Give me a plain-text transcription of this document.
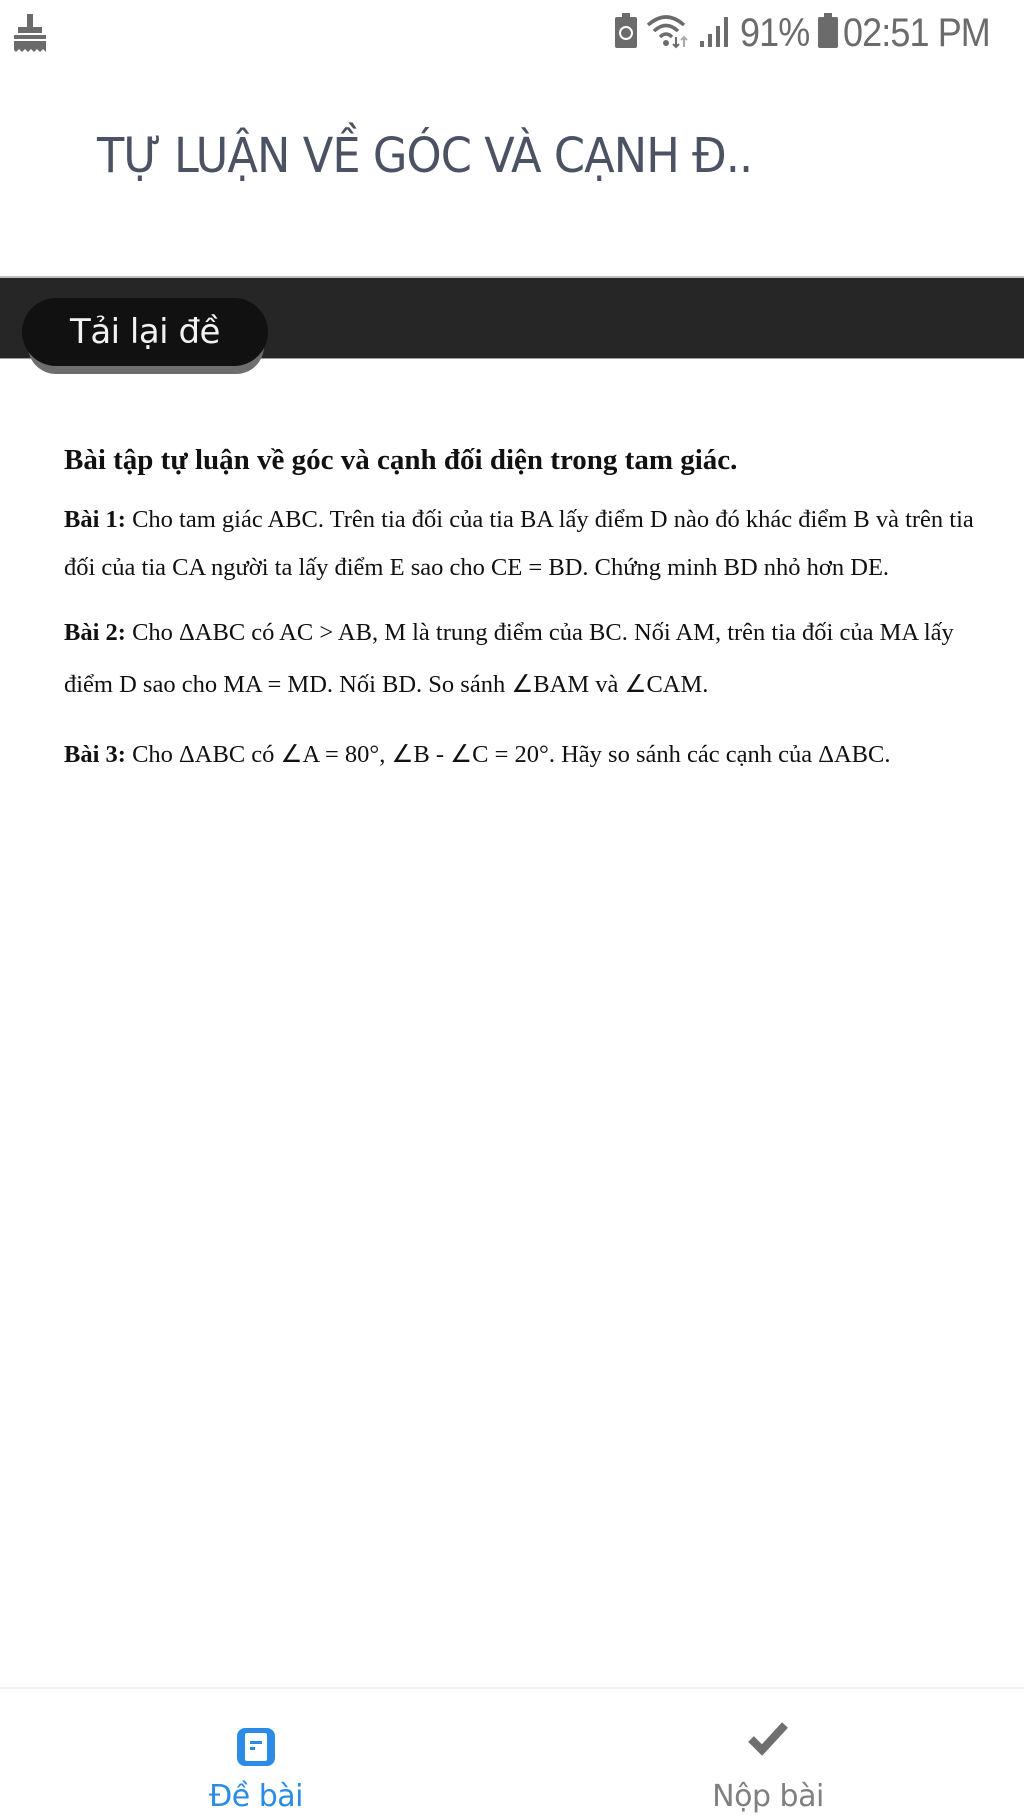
91% 02:51 PM
TỰ LUẬN VỀ GÓC VÀ CẠNH Đ..
Tải lại đề
Bài tập tự luận về góc và cạnh đối diện trong tam giác.
Bài 1: Cho tam giác ABC. Trên tia đối của tia BA lấy điểm D nào đó khác điểm B và trên tia đối của tia CA người ta lấy điểm E sao cho CE = BD. Chứng minh BD nhỏ hơn DE.
Bài 2: Cho ΔABC có AC > AB, M là trung điểm của BC. Nối AM, trên tia đối của MA lấy điểm D sao cho MA = MD. Nối BD. So sánh ∠BAM và ∠CAM.
Bài 3: Cho ΔABC có ∠A = 80°, ∠B - ∠C = 20°. Hãy so sánh các cạnh của ΔABC.
Đề bài	Nộp bài
